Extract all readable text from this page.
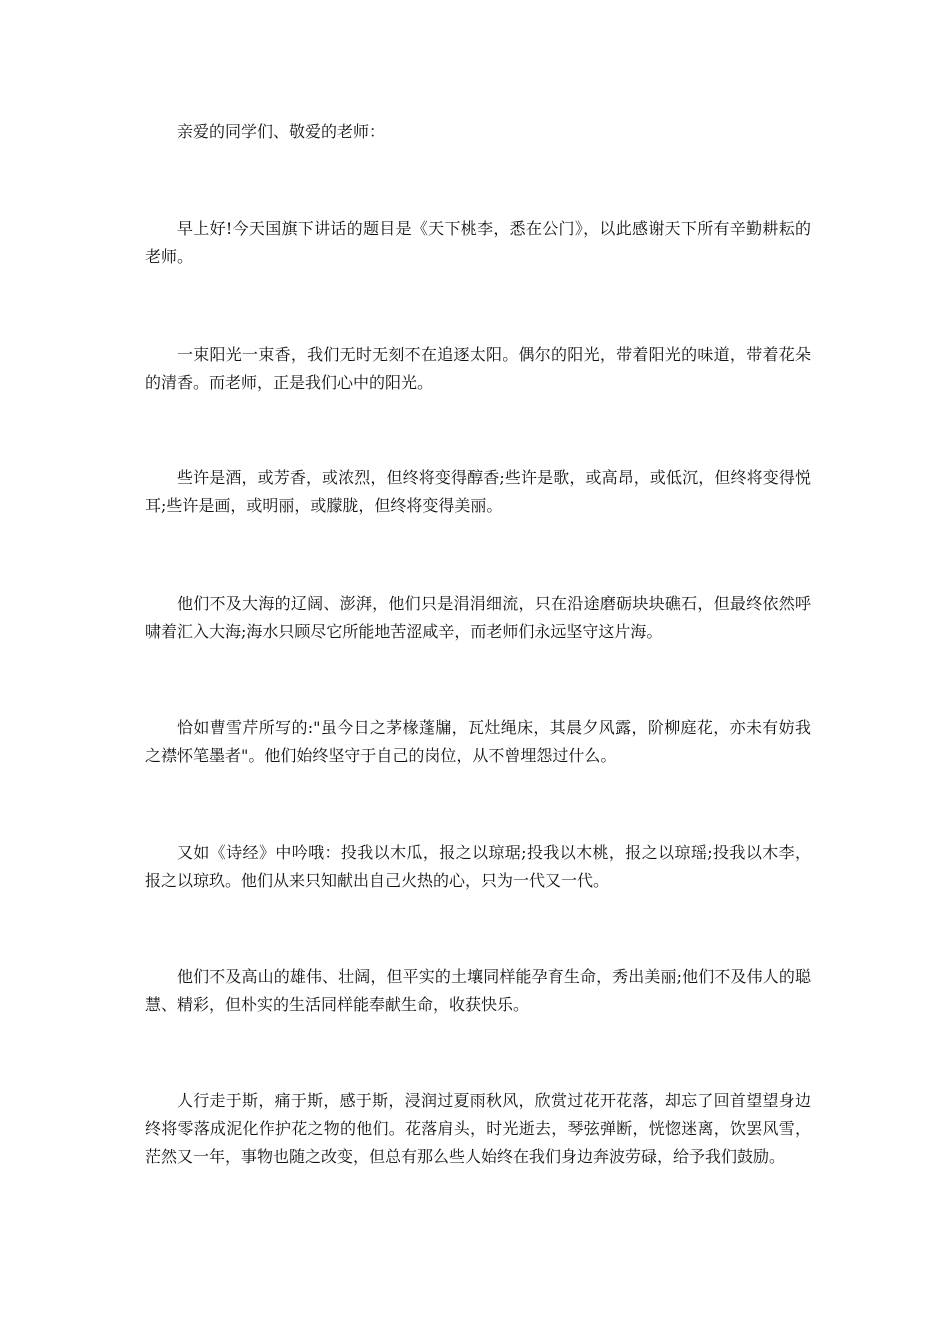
亲爱的同学们、敬爱的老师：

早上好!今天国旗下讲话的题目是《天下桃李，悉在公门》，以此感谢天下所有辛勤耕耘的老师。

一束阳光一束香，我们无时无刻不在追逐太阳。偶尔的阳光，带着阳光的味道，带着花朵的清香。而老师，正是我们心中的阳光。

些许是酒，或芳香，或浓烈，但终将变得醇香;些许是歌，或高昂，或低沉，但终将变得悦耳;些许是画，或明丽，或朦胧，但终将变得美丽。

他们不及大海的辽阔、澎湃，他们只是涓涓细流，只在沿途磨砺块块礁石，但最终依然呼啸着汇入大海;海水只顾尽它所能地苦涩咸辛，而老师们永远坚守这片海。

恰如曹雪芹所写的:"虽今日之茅椽蓬牖，瓦灶绳床，其晨夕风露，阶柳庭花，亦未有妨我之襟怀笔墨者"。他们始终坚守于自己的岗位，从不曾埋怨过什么。

又如《诗经》中吟哦：投我以木瓜，报之以琼琚;投我以木桃，报之以琼瑶;投我以木李，报之以琼玖。他们从来只知献出自己火热的心，只为一代又一代。

他们不及高山的雄伟、壮阔，但平实的土壤同样能孕育生命，秀出美丽;他们不及伟人的聪慧、精彩，但朴实的生活同样能奉献生命，收获快乐。

人行走于斯，痛于斯，感于斯，浸润过夏雨秋风，欣赏过花开花落，却忘了回首望望身边终将零落成泥化作护花之物的他们。花落肩头，时光逝去，琴弦弹断，恍惚迷离，饮罢风雪，茫然又一年，事物也随之改变，但总有那么些人始终在我们身边奔波劳碌，给予我们鼓励。
